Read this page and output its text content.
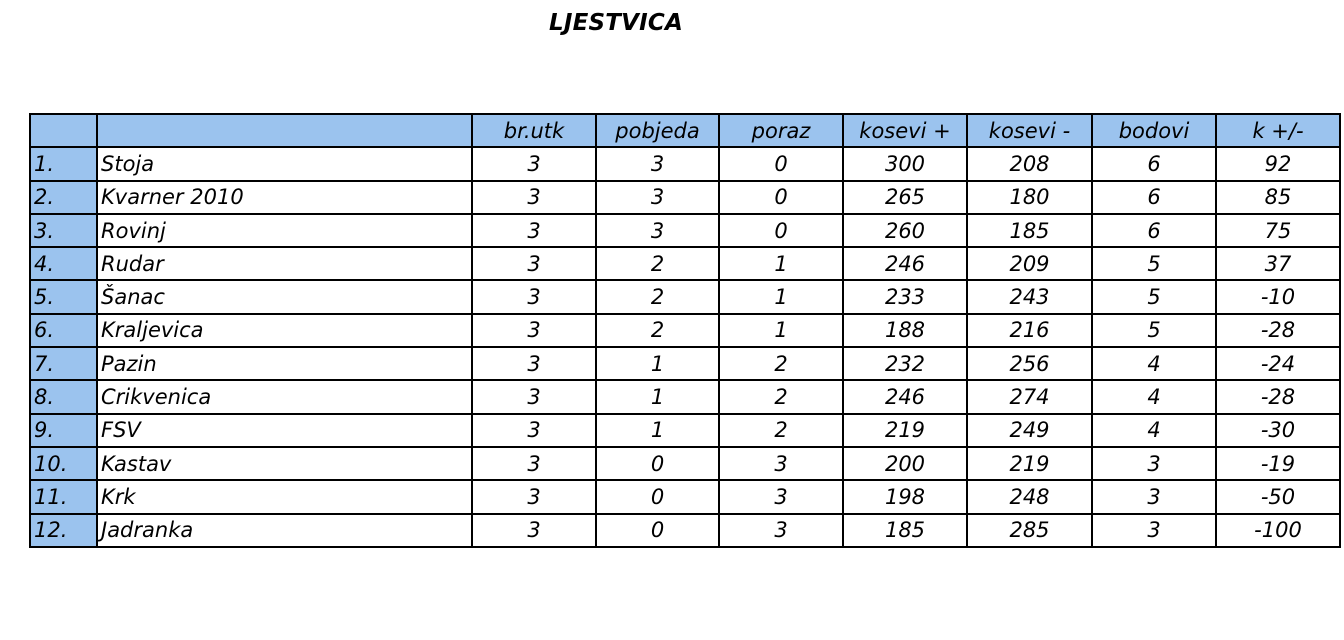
LJESTVICA
		br.utk	pobjeda	poraz	kosevi +	kosevi -	bodovi	k +/-
1.	Stoja	3	3	0	300	208	6	92
2.	Kvarner 2010	3	3	0	265	180	6	85
3.	Rovinj	3	3	0	260	185	6	75
4.	Rudar	3	2	1	246	209	5	37
5.	Šanac	3	2	1	233	243	5	-10
6.	Kraljevica	3	2	1	188	216	5	-28
7.	Pazin	3	1	2	232	256	4	-24
8.	Crikvenica	3	1	2	246	274	4	-28
9.	FSV	3	1	2	219	249	4	-30
10.	Kastav	3	0	3	200	219	3	-19
11.	Krk	3	0	3	198	248	3	-50
12.	Jadranka	3	0	3	185	285	3	-100
